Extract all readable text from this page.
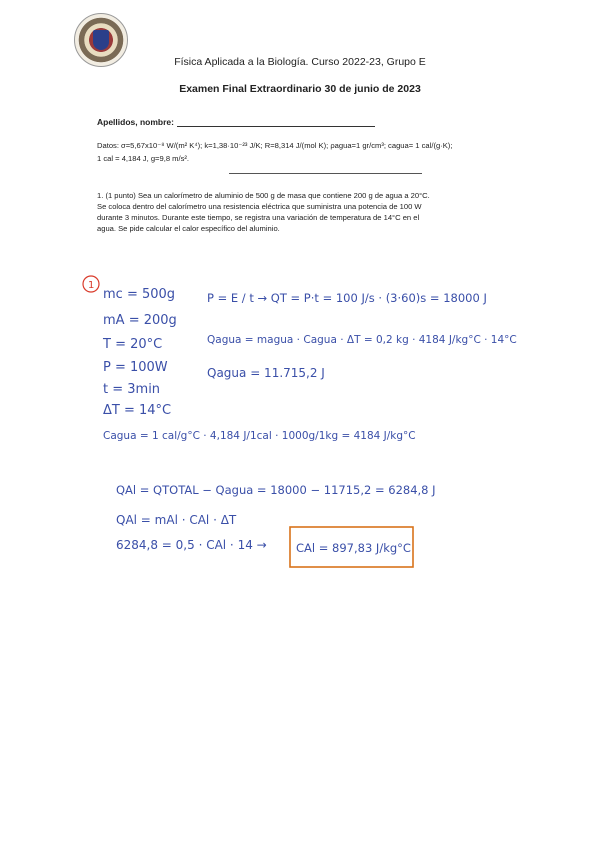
Física Aplicada a la Biología. Curso 2022-23, Grupo E
Examen Final Extraordinario 30 de junio de 2023
Apellidos, nombre:
Datos: σ=5,67x10⁻⁸ W/(m² K⁴); k=1,38·10⁻²³ J/K; R=8,314 J/(mol K); ρagua=1 gr/cm³; cagua= 1 cal/(g·K);
1 cal = 4,184 J, g=9,8 m/s².
1. (1 punto) Sea un calorímetro de aluminio de 500 g de masa que contiene 200 g de agua a 20°C.
Se coloca dentro del calorímetro una resistencia eléctrica que suministra una potencia de 100 W
durante 3 minutos. Durante este tiempo, se registra una variación de temperatura de 14°C en el
agua. Se pide calcular el calor específico del aluminio.
1
mc = 500g
mA = 200g
T = 20°C
P = 100W
t = 3min
ΔT = 14°C
P = E / t → QT = P·t = 100 J/s · (3·60)s = 18000 J
Qagua = magua · Cagua · ΔT = 0,2 kg · 4184 J/kg°C · 14°C
Qagua = 11.715,2 J
Cagua = 1 cal/g°C · 4,184 J/1cal · 1000g/1kg = 4184 J/kg°C
QAl = QTOTAL − Qagua = 18000 − 11715,2 = 6284,8 J
QAl = mAl · CAl · ΔT
6284,8 = 0,5 · CAl · 14 →	CAl = 897,83 J/kg°C
